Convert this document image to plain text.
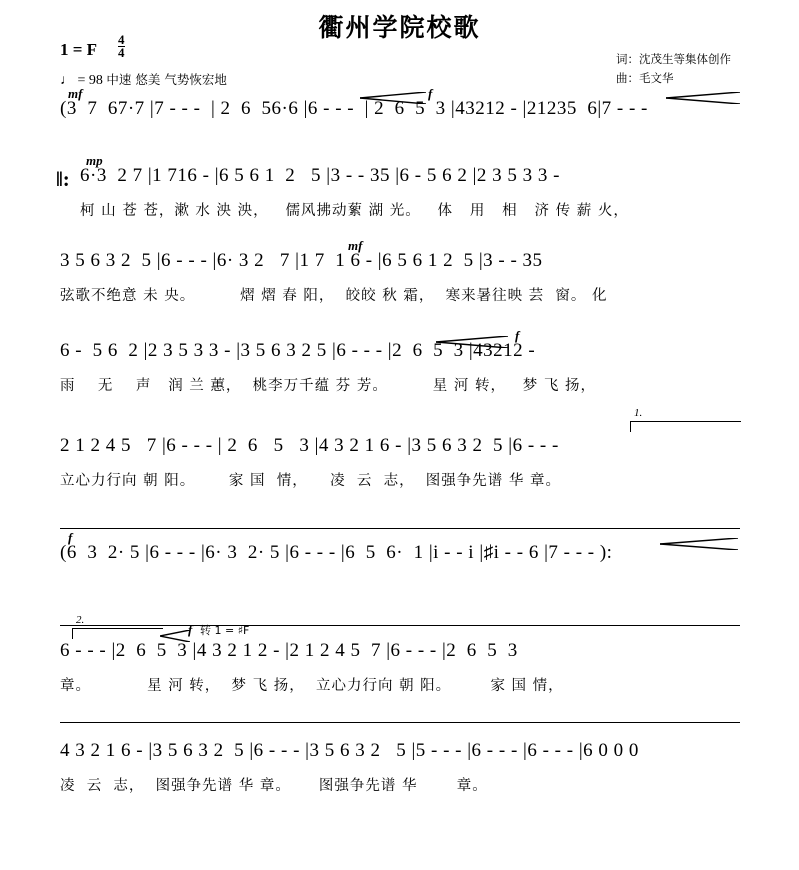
衢州学院校歌
1 = F $\frac{4}{4}$
♩ = 98 中速 悠美 气势恢宏地
词：沈茂生等集体创作
曲：毛文华
mf	f
(3  7  67·7 |7 - - -  | 2  6  56·6 |6 - - -  | 2  6  5  3 |43212 - |21235  6|7 - - -
‖:
mp
6·3  2 7 |1 716 - |6 5 6 1  2   5 |3 - - 35 |6 - 5 6 2 |2 3 5 3 3 -
柯 山 苍 苍，漱 水 泱 泱，   儒风拂动蕠 湖 光。   体   用   相   济 传 薪 火，
mf
3 5 6 3 2  5 |6 - - - |6· 3 2   7 |1 7  1 6 - |6 5 6 1 2  5 |3 - - 35
弦歌不绝意 未 央。        熠 熠 春 阳，  皎皎 秋 霜，  寒来暑往映 芸  窗。 化
f
6 -  5 6  2 |2 3 5 3 3 - |3 5 6 3 2 5 |6 - - - |2  6  5  3 |43212 -
雨    无    声   润 兰 蕙，  桃李万千蕴 芬 芳。        星 河 转，   梦 飞 扬，
1.
2 1 2 4 5   7 |6 - - - | 2  6   5   3 |4 3 2 1 6 - |3 5 6 3 2  5 |6 - - -
立心力行向 朝 阳。      家 国  情，    凌  云  志，  图强争先谱 华 章。
f
(6  3  2· 5 |6 - - - |6· 3  2· 5 |6 - - - |6  5  6·  1 |i - - i |♯i - - 6 |7 - - - ):
2.
f 转 1 = ♯F
6 - - - |2  6  5  3 |4 3 2 1 2 - |2 1 2 4 5  7 |6 - - - |2  6  5  3
章。          星 河 转，  梦 飞 扬，  立心力行向 朝 阳。       家 国 情，
4 3 2 1 6 - |3 5 6 3 2  5 |6 - - - |3 5 6 3 2   5 |5 - - - |6 - - - |6 - - - |6 0 0 0
凌  云  志，  图强争先谱 华 章。     图强争先谱 华       章。
